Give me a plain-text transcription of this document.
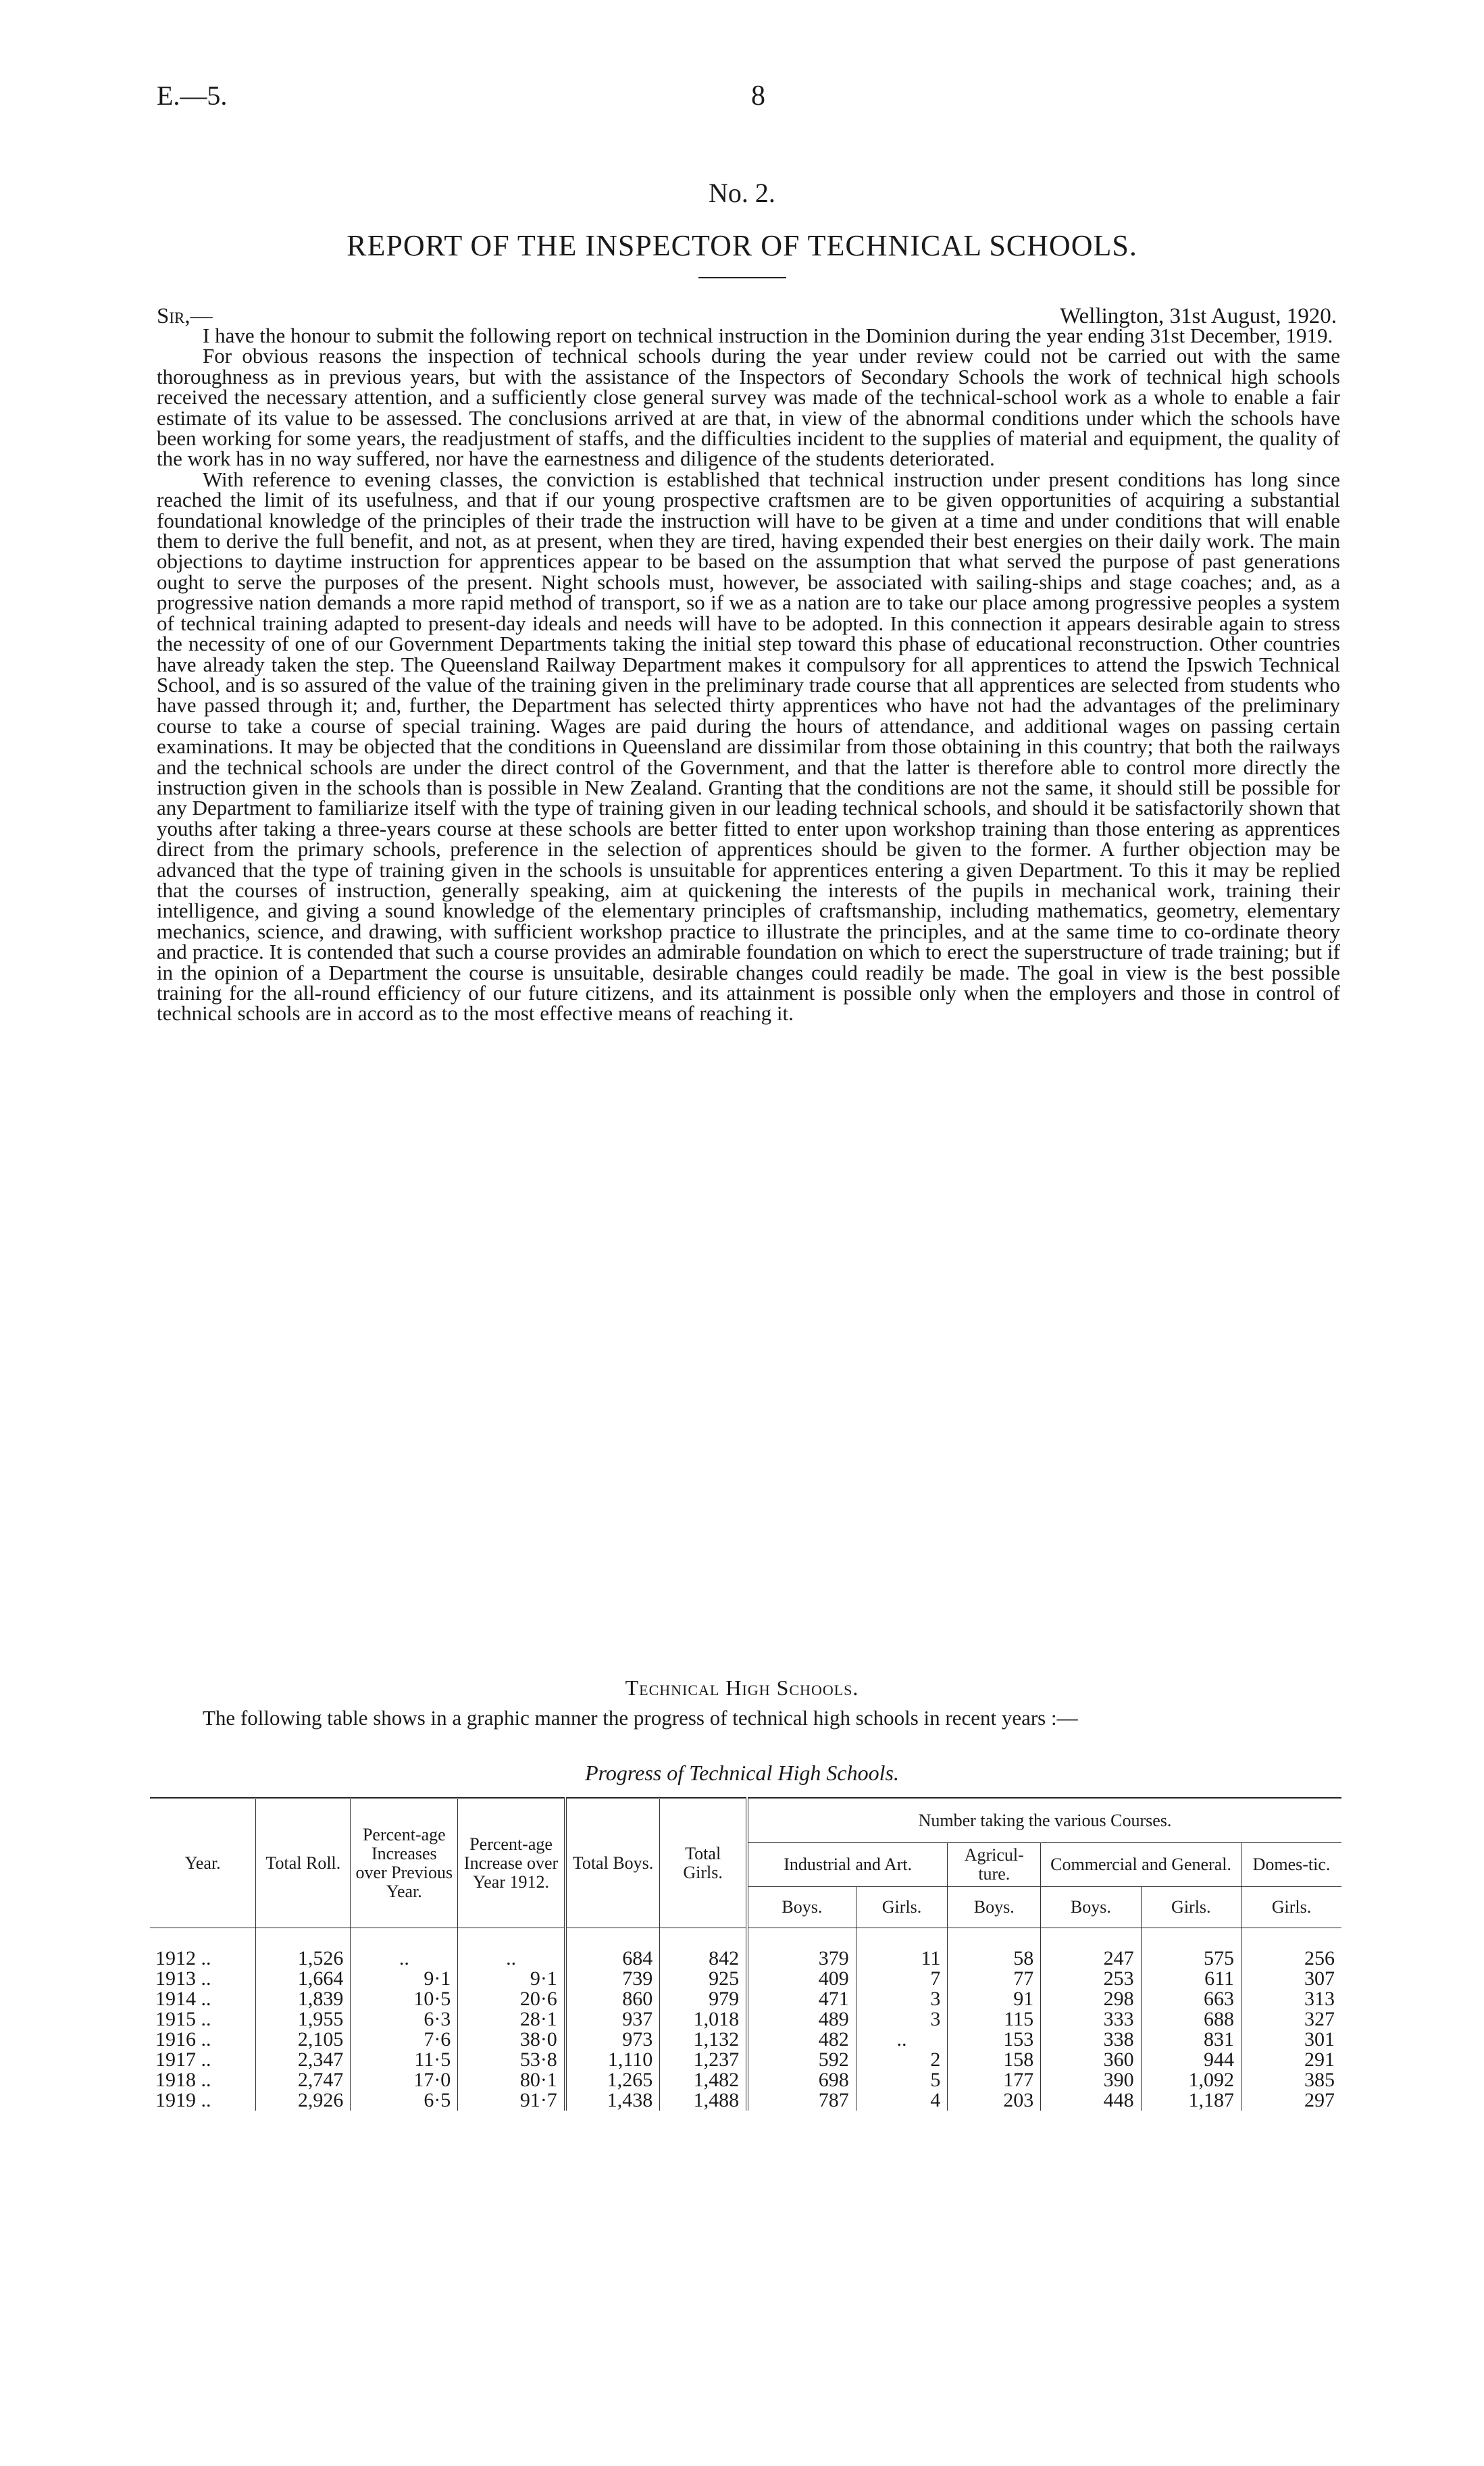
E.—5.	8
No. 2.
REPORT OF THE INSPECTOR OF TECHNICAL SCHOOLS.
Sir,—	Wellington, 31st August, 1920.

I have the honour to submit the following report on technical instruction in the Dominion during the year ending 31st December, 1919.

For obvious reasons the inspection of technical schools during the year under review could not be carried out with the same thoroughness as in previous years, but with the assistance of the Inspectors of Secondary Schools the work of technical high schools received the necessary attention, and a sufficiently close general survey was made of the technical-school work as a whole to enable a fair estimate of its value to be assessed. The conclusions arrived at are that, in view of the abnormal conditions under which the schools have been working for some years, the readjustment of staffs, and the difficulties incident to the supplies of material and equipment, the quality of the work has in no way suffered, nor have the earnestness and diligence of the students deteriorated.

With reference to evening classes, the conviction is established that technical instruction under present conditions has long since reached the limit of its usefulness, and that if our young prospective craftsmen are to be given opportunities of acquiring a substantial foundational knowledge of the principles of their trade the instruction will have to be given at a time and under conditions that will enable them to derive the full benefit, and not, as at present, when they are tired, having expended their best energies on their daily work. The main objections to daytime instruction for apprentices appear to be based on the assumption that what served the purpose of past generations ought to serve the purposes of the present. Night schools must, however, be associated with sailing-ships and stage coaches; and, as a progressive nation demands a more rapid method of transport, so if we as a nation are to take our place among progressive peoples a system of technical training adapted to present-day ideals and needs will have to be adopted. In this connection it appears desirable again to stress the necessity of one of our Government Departments taking the initial step toward this phase of educational reconstruction. Other countries have already taken the step. The Queensland Railway Department makes it compulsory for all apprentices to attend the Ipswich Technical School, and is so assured of the value of the training given in the preliminary trade course that all apprentices are selected from students who have passed through it; and, further, the Department has selected thirty apprentices who have not had the advantages of the preliminary course to take a course of special training. Wages are paid during the hours of attendance, and additional wages on passing certain examinations. It may be objected that the conditions in Queensland are dissimilar from those obtaining in this country; that both the railways and the technical schools are under the direct control of the Government, and that the latter is therefore able to control more directly the instruction given in the schools than is possible in New Zealand. Granting that the conditions are not the same, it should still be possible for any Department to familiarize itself with the type of training given in our leading technical schools, and should it be satisfactorily shown that youths after taking a three-years course at these schools are better fitted to enter upon workshop training than those entering as apprentices direct from the primary schools, preference in the selection of apprentices should be given to the former. A further objection may be advanced that the type of training given in the schools is unsuitable for apprentices entering a given Department. To this it may be replied that the courses of instruction, generally speaking, aim at quickening the interests of the pupils in mechanical work, training their intelligence, and giving a sound knowledge of the elementary principles of craftsmanship, including mathematics, geometry, elementary mechanics, science, and drawing, with sufficient workshop practice to illustrate the principles, and at the same time to co-ordinate theory and practice. It is contended that such a course provides an admirable foundation on which to erect the superstructure of trade training; but if in the opinion of a Department the course is unsuitable, desirable changes could readily be made. The goal in view is the best possible training for the all-round efficiency of our future citizens, and its attainment is possible only when the employers and those in control of technical schools are in accord as to the most effective means of reaching it.

Technical High Schools.
The following table shows in a graphic manner the progress of technical high schools in recent years :—
Progress of Technical High Schools.
Year.	Total Roll.	Percent-age Increases over Previous Year.	Percent-age Increase over Year 1912.	Total Boys.	Total Girls.	Number taking the various Courses.					
						Industrial and Art.		Agricul-ture.	Commercial and General.		Domes-tic.
						Boys.	Girls.	Boys.	Boys.	Girls.	Girls.
1912 ..	1,526	..	..	684	842	379	11	58	247	575	256
1913 ..	1,664	9·1	9·1	739	925	409	7	77	253	611	307
1914 ..	1,839	10·5	20·6	860	979	471	3	91	298	663	313
1915 ..	1,955	6·3	28·1	937	1,018	489	3	115	333	688	327
1916 ..	2,105	7·6	38·0	973	1,132	482	..	153	338	831	301
1917 ..	2,347	11·5	53·8	1,110	1,237	592	2	158	360	944	291
1918 ..	2,747	17·0	80·1	1,265	1,482	698	5	177	390	1,092	385
1919 ..	2,926	6·5	91·7	1,438	1,488	787	4	203	448	1,187	297
